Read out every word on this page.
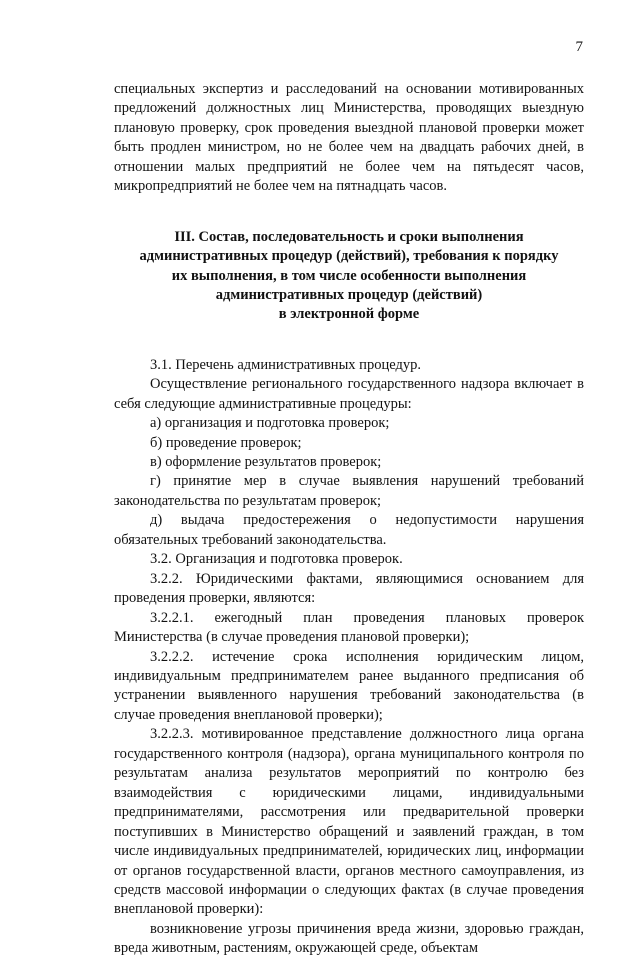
7

специальных экспертиз и расследований на основании мотивированных предложений должностных лиц Министерства, проводящих выездную плановую проверку, срок проведения выездной плановой проверки может быть продлен министром, но не более чем на двадцать рабочих дней, в отношении малых предприятий не более чем на пятьдесят часов, микропредприятий не более чем на пятнадцать часов.

III. Состав, последовательность и сроки выполнения

административных процедур (действий), требования к порядку

их выполнения, в том числе особенности выполнения

административных процедур (действий)

в электронной форме

3.1. Перечень административных процедур.

Осуществление регионального государственного надзора включает в себя следующие административные процедуры:

а) организация и подготовка проверок;

б) проведение проверок;

в) оформление результатов проверок;

г) принятие мер в случае выявления нарушений требований законодательства по результатам проверок;

д) выдача предостережения о недопустимости нарушения обязательных требований законодательства.

3.2. Организация и подготовка проверок.

3.2.2. Юридическими фактами, являющимися основанием для проведения проверки, являются:

3.2.2.1. ежегодный план проведения плановых проверок Министерства (в случае проведения плановой проверки);

3.2.2.2. истечение срока исполнения юридическим лицом, индивидуальным предпринимателем ранее выданного предписания об устранении выявленного нарушения требований законодательства (в случае проведения внеплановой проверки);

3.2.2.3. мотивированное представление должностного лица органа государственного контроля (надзора), органа муниципального контроля по результатам анализа результатов мероприятий по контролю без взаимодействия с юридическими лицами, индивидуальными предпринимателями, рассмотрения или предварительной проверки поступивших в Министерство обращений и заявлений граждан, в том числе индивидуальных предпринимателей, юридических лиц, информации от органов государственной власти, органов местного самоуправления, из средств массовой информации о следующих фактах (в случае проведения внеплановой проверки):

возникновение угрозы причинения вреда жизни, здоровью граждан, вреда животным, растениям, окружающей среде, объектам
